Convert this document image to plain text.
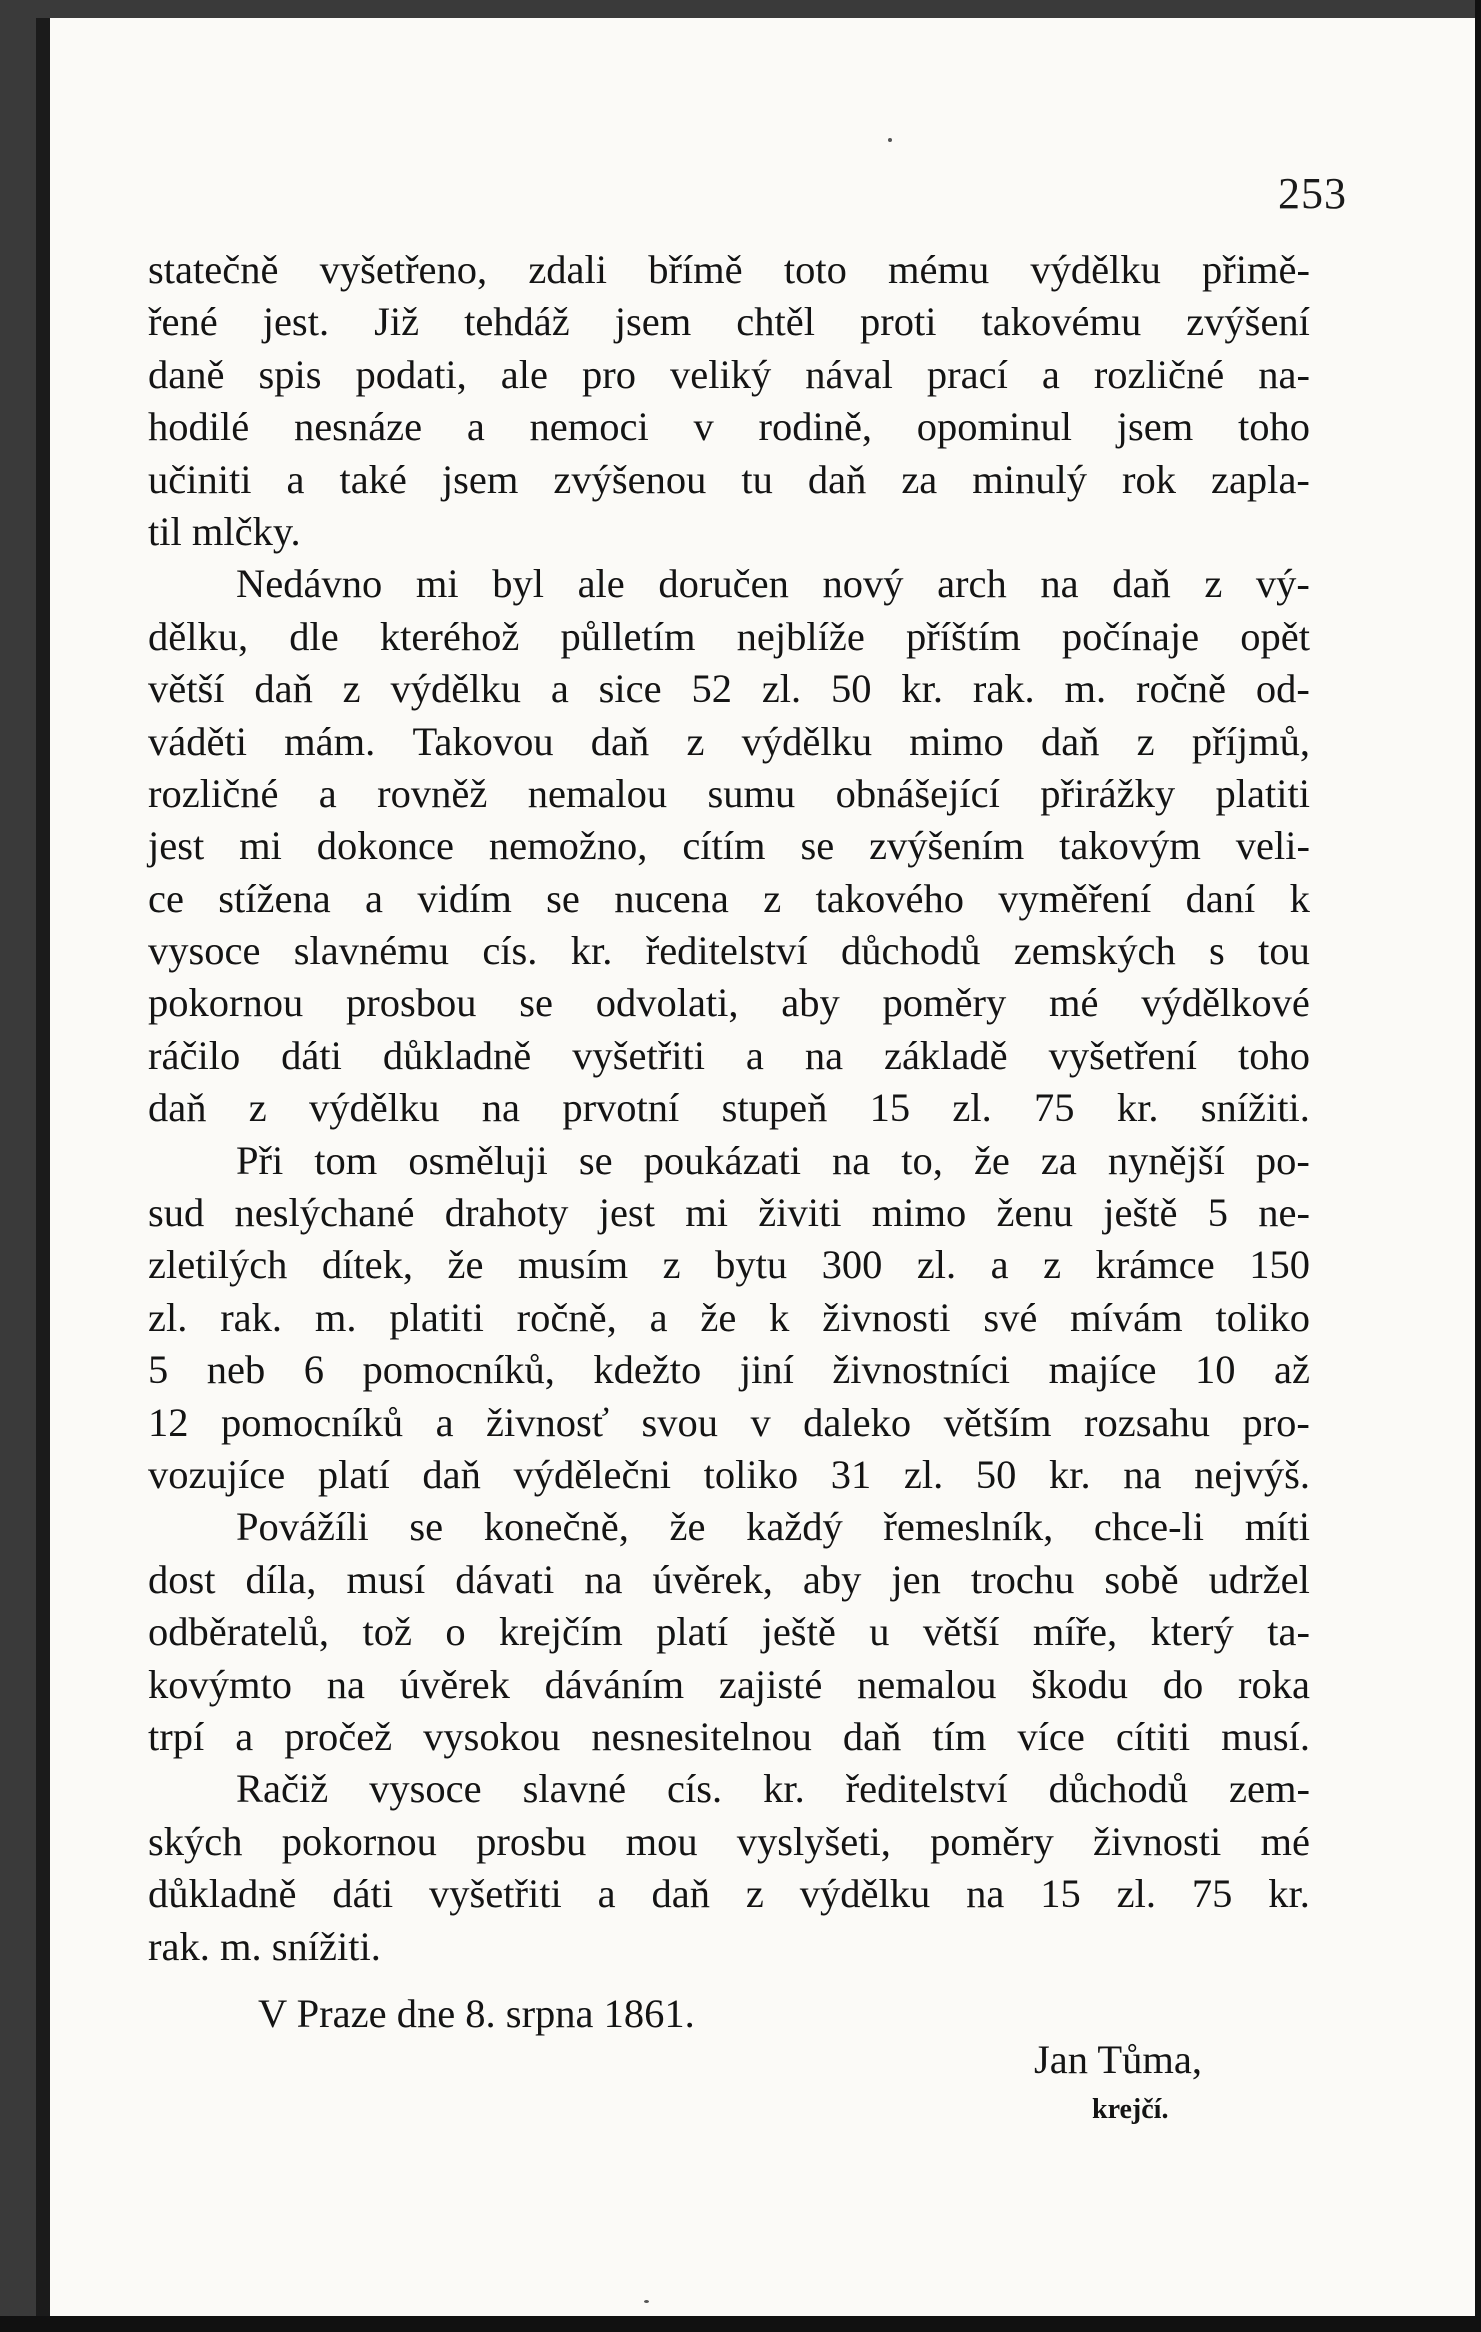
253
statečně vyšetřeno, zdali břímě toto mému výdělku přimě-
řené jest. Již tehdáž jsem chtěl proti takovému zvýšení
daně spis podati, ale pro veliký nával prací a rozličné na-
hodilé nesnáze a nemoci v rodině, opominul jsem toho
učiniti a také jsem zvýšenou tu daň za minulý rok zapla-
til
mlčky.
Nedávno mi byl ale doručen nový arch na daň z vý-
dělku, dle kteréhož půlletím nejblíže příštím počínaje opět
větší daň z výdělku a sice 52 zl. 50 kr. rak. m. ročně od-
váděti mám. Takovou daň z výdělku mimo daň z příjmů,
rozličné a rovněž nemalou sumu obnášející přirážky platiti
jest mi dokonce nemožno, cítím se zvýšením takovým veli-
ce stížena a vidím se nucena z takového vyměření daní k
vysoce slavnému cís. kr. ředitelství důchodů zemských s tou
pokornou prosbou se odvolati, aby poměry mé výdělkové
ráčilo dáti důkladně vyšetřiti a na základě vyšetření toho
daň z výdělku na prvotní stupeň 15 zl. 75 kr. snížiti.
Při tom osměluji se poukázati na to, že za nynější po-
sud neslýchané drahoty jest mi živiti mimo ženu ještě 5 ne-
zletilých dítek, že musím z bytu 300 zl. a z krámce 150
zl. rak. m. platiti ročně, a že k živnosti své mívám toliko
5 neb 6 pomocníků, kdežto jiní živnostníci majíce 10 až
12 pomocníků a živnosť svou v daleko větším rozsahu pro-
vozujíce platí daň výdělečni toliko 31 zl. 50 kr. na nejvýš.
Povážíli se konečně, že každý řemeslník, chce-li míti
dost díla, musí dávati na úvěrek, aby jen trochu sobě udržel
odběratelů, tož o krejčím platí ještě u větší míře, který ta-
kovýmto na úvěrek dáváním zajisté nemalou škodu do roka
trpí a pročež vysokou nesnesitelnou daň tím více cítiti musí.
Račiž vysoce slavné cís. kr. ředitelství důchodů zem-
ských pokornou prosbu mou vyslyšeti, poměry živnosti mé
důkladně dáti vyšetřiti a daň z výdělku na 15 zl. 75 kr.
rak.
m.
snížiti.
V Praze dne 8. srpna 1861.
Jan Tůma,
krejčí.
